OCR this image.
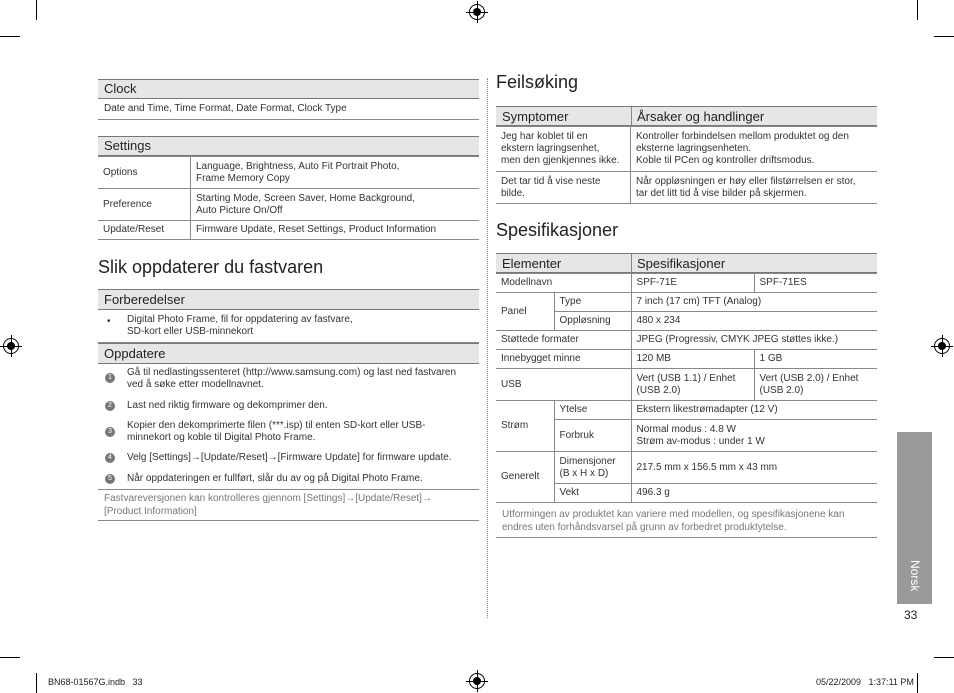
Clock
Date and Time, Time Format, Date Format, Clock Type
Settings
Options	Language, Brightness, Auto Fit Portrait Photo,
Frame Memory Copy
Preference	Starting Mode, Screen Saver, Home Background,
Auto Picture On/Off
Update/Reset	Firmware Update, Reset Settings, Product Information
Slik oppdaterer du fastvaren
Forberedelser
• Digital Photo Frame, fil for oppdatering av fastvare,
SD-kort eller USB-minnekort
Oppdatere
1	Gå til nedlastingssenteret (http://www.samsung.com) og last ned fastvaren
ved å søke etter modellnavnet.
2	Last ned riktig firmware og dekomprimer den.
3
Kopier den dekomprimerte filen (***.isp) til enten SD-kort eller USB-
minnekort og koble til Digital Photo Frame.
4	Velg [Settings]→[Update/Reset]→[Firmware Update] for firmware update.
5	Når oppdateringen er fullført, slår du av og på Digital Photo Frame.
Fastvareversjonen kan kontrolleres gjennom [Settings]→[Update/Reset]→
[Product Information]
Feilsøking
Symptomer	Årsaker og handlinger
Jeg har koblet til en
ekstern lagringsenhet,
men den gjenkjennes ikke.	Kontroller forbindelsen mellom produktet og den
eksterne lagringsenheten.
Koble til PCen og kontroller driftsmodus.
Det tar tid å vise neste
bilde.	Når oppløsningen er høy eller filstørrelsen er stor,
tar det litt tid å vise bilder på skjermen.
Spesifikasjoner
Elementer	Spesifikasjoner
Modellnavn		SPF-71E	SPF-71ES
Panel	Type	7 inch (17 cm) TFT (Analog)	
	Oppløsning	480 x 234	
Støttede formater		JPEG (Progressiv, CMYK JPEG støttes ikke.)	
Innebygget minne		120 MB	1 GB
USB		Vert (USB 1.1) / Enhet
(USB 2.0)	Vert (USB 2.0) / Enhet
(USB 2.0)
Strøm	Ytelse	Ekstern likestrømadapter (12 V)	
	Forbruk	Normal modus : 4.8 W
Strøm av-modus : under 1 W	
Generelt	Dimensjoner
(B x H x D)	217.5 mm x 156.5 mm x 43 mm	
	Vekt	496.3 g	
Utformingen av produktet kan variere med modellen, og spesifikasjonene kan
endres uten forhåndsvarsel på grunn av forbedret produktytelse.
Norsk
33
BN68-01567G.indb   33	05/22/2009   1:37:11 PM
